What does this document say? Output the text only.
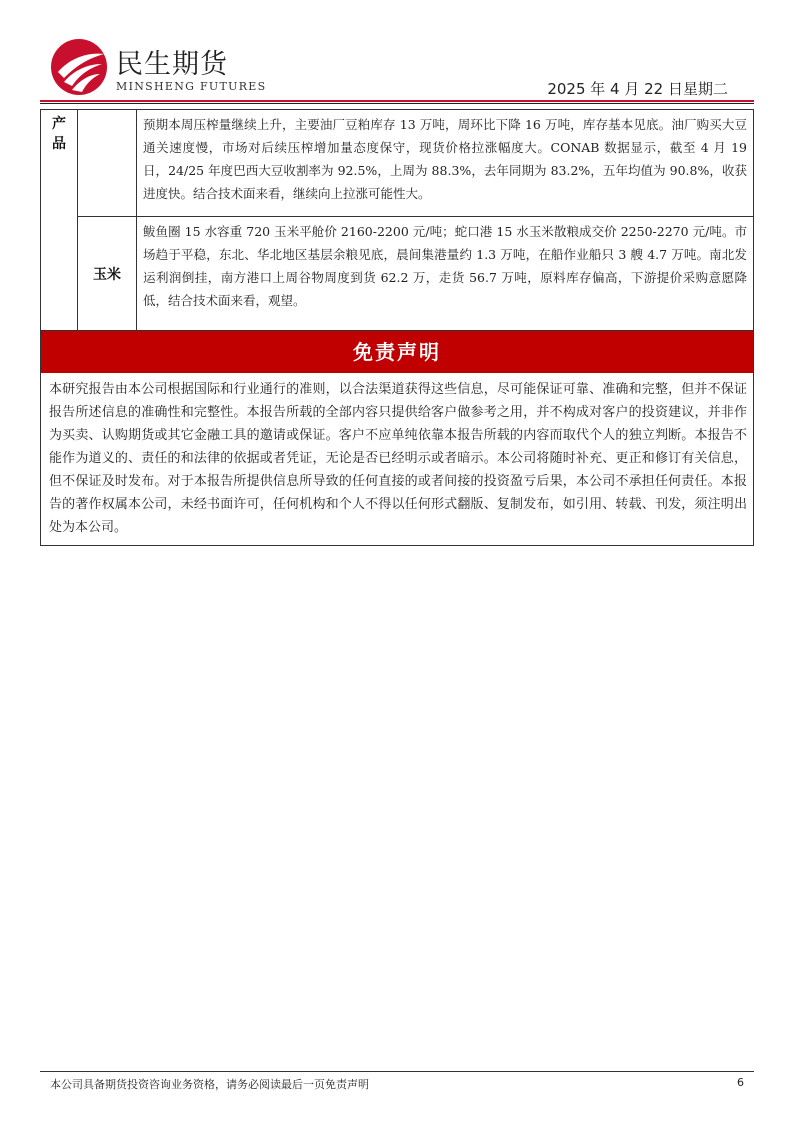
民生期货
MINSHENG FUTURES	2025 年 4 月 22 日星期二
产品		预期本周压榨量继续上升，主要油厂豆粕库存 13 万吨，周环比下降 16 万吨，库存基本见底。油厂购买大豆通关速度慢，市场对后续压榨增加量态度保守，现货价格拉涨幅度大。CONAB 数据显示，截至 4 月 19 日，24/25 年度巴西大豆收割率为 92.5%，上周为 88.3%，去年同期为 83.2%，五年均值为 90.8%，收获进度快。结合技术面来看，继续向上拉涨可能性大。
	玉米	鲅鱼圈 15 水容重 720 玉米平舱价 2160-2200 元/吨；蛇口港 15 水玉米散粮成交价 2250-2270 元/吨。市场趋于平稳，东北、华北地区基层余粮见底，晨间集港量约 1.3 万吨，在船作业船只 3 艘 4.7 万吨。南北发运利润倒挂，南方港口上周谷物周度到货 62.2 万，走货 56.7 万吨，原料库存偏高，下游提价采购意愿降低，结合技术面来看，观望。
免责声明
本研究报告由本公司根据国际和行业通行的准则，以合法渠道获得这些信息，尽可能保证可靠、准确和完整，但并不保证报告所述信息的准确性和完整性。本报告所载的全部内容只提供给客户做参考之用，并不构成对客户的投资建议，并非作为买卖、认购期货或其它金融工具的邀请或保证。客户不应单纯依靠本报告所载的内容而取代个人的独立判断。本报告不能作为道义的、责任的和法律的依据或者凭证，无论是否已经明示或者暗示。本公司将随时补充、更正和修订有关信息，但不保证及时发布。对于本报告所提供信息所导致的任何直接的或者间接的投资盈亏后果，本公司不承担任何责任。本报告的著作权属本公司，未经书面许可，任何机构和个人不得以任何形式翻版、复制发布，如引用、转载、刊发，须注明出处为本公司。
本公司具备期货投资咨询业务资格，请务必阅读最后一页免责声明	6
